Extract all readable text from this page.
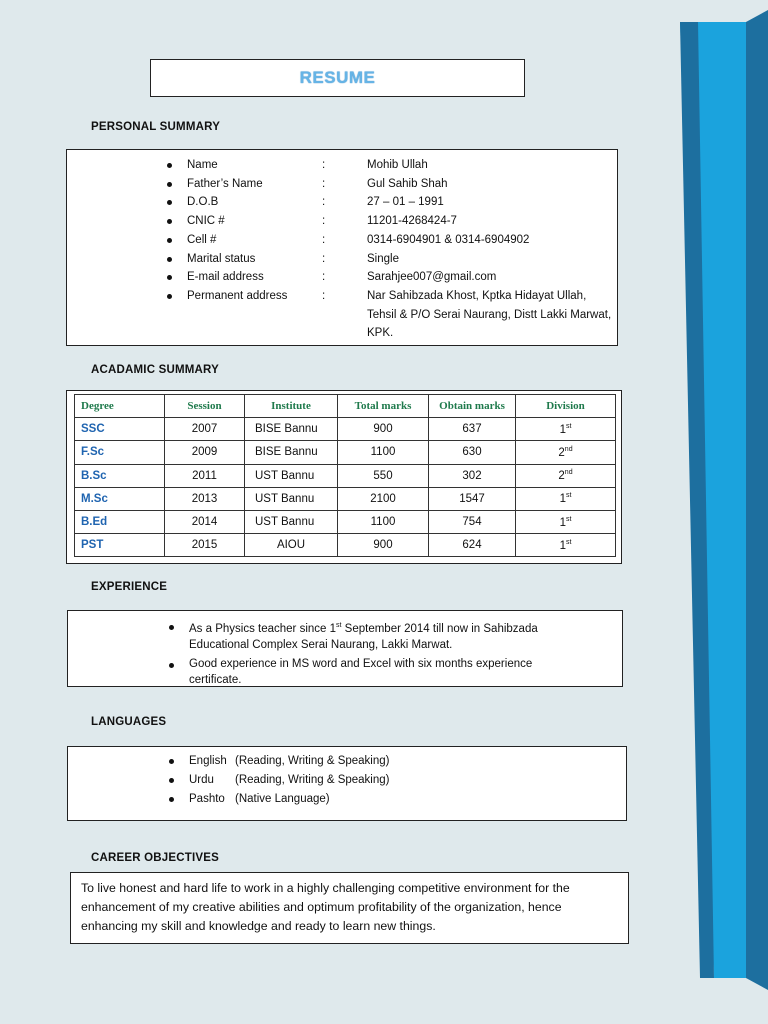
RESUME
PERSONAL SUMMARY
Name	:	Mohib Ullah
Father’s Name	:	Gul Sahib Shah
D.O.B	:	27 – 01 – 1991
CNIC #	:	11201-4268424-7
Cell #	:	0314-6904901 & 0314-6904902
Marital status	:	Single
E-mail address	:	Sarahjee007@gmail.com
Permanent address	:	Nar Sahibzada Khost, Kptka Hidayat Ullah,
Tehsil & P/O Serai Naurang, Distt Lakki Marwat, KPK.
ACADAMIC SUMMARY
Degree	Session	Institute	Total marks	Obtain marks	Division
SSC	2007	BISE Bannu	900	637	1st
F.Sc	2009	BISE Bannu	1100	630	2nd
B.Sc	2011	UST Bannu	550	302	2nd
M.Sc	2013	UST Bannu	2100	1547	1st
B.Ed	2014	UST Bannu	1100	754	1st
PST	2015	AIOU	900	624	1st
EXPERIENCE
As a Physics teacher since 1st September 2014 till now in Sahibzada Educational Complex Serai Naurang, Lakki Marwat.
Good experience in MS word and Excel with six months experience certificate.
LANGUAGES
English (Reading, Writing & Speaking)
Urdu (Reading, Writing & Speaking)
Pashto (Native Language)
CAREER OBJECTIVES
To live honest and hard life to work in a highly challenging competitive environment for the enhancement of my creative abilities and optimum profitability of the organization, hence enhancing my skill and knowledge and ready to learn new things.
